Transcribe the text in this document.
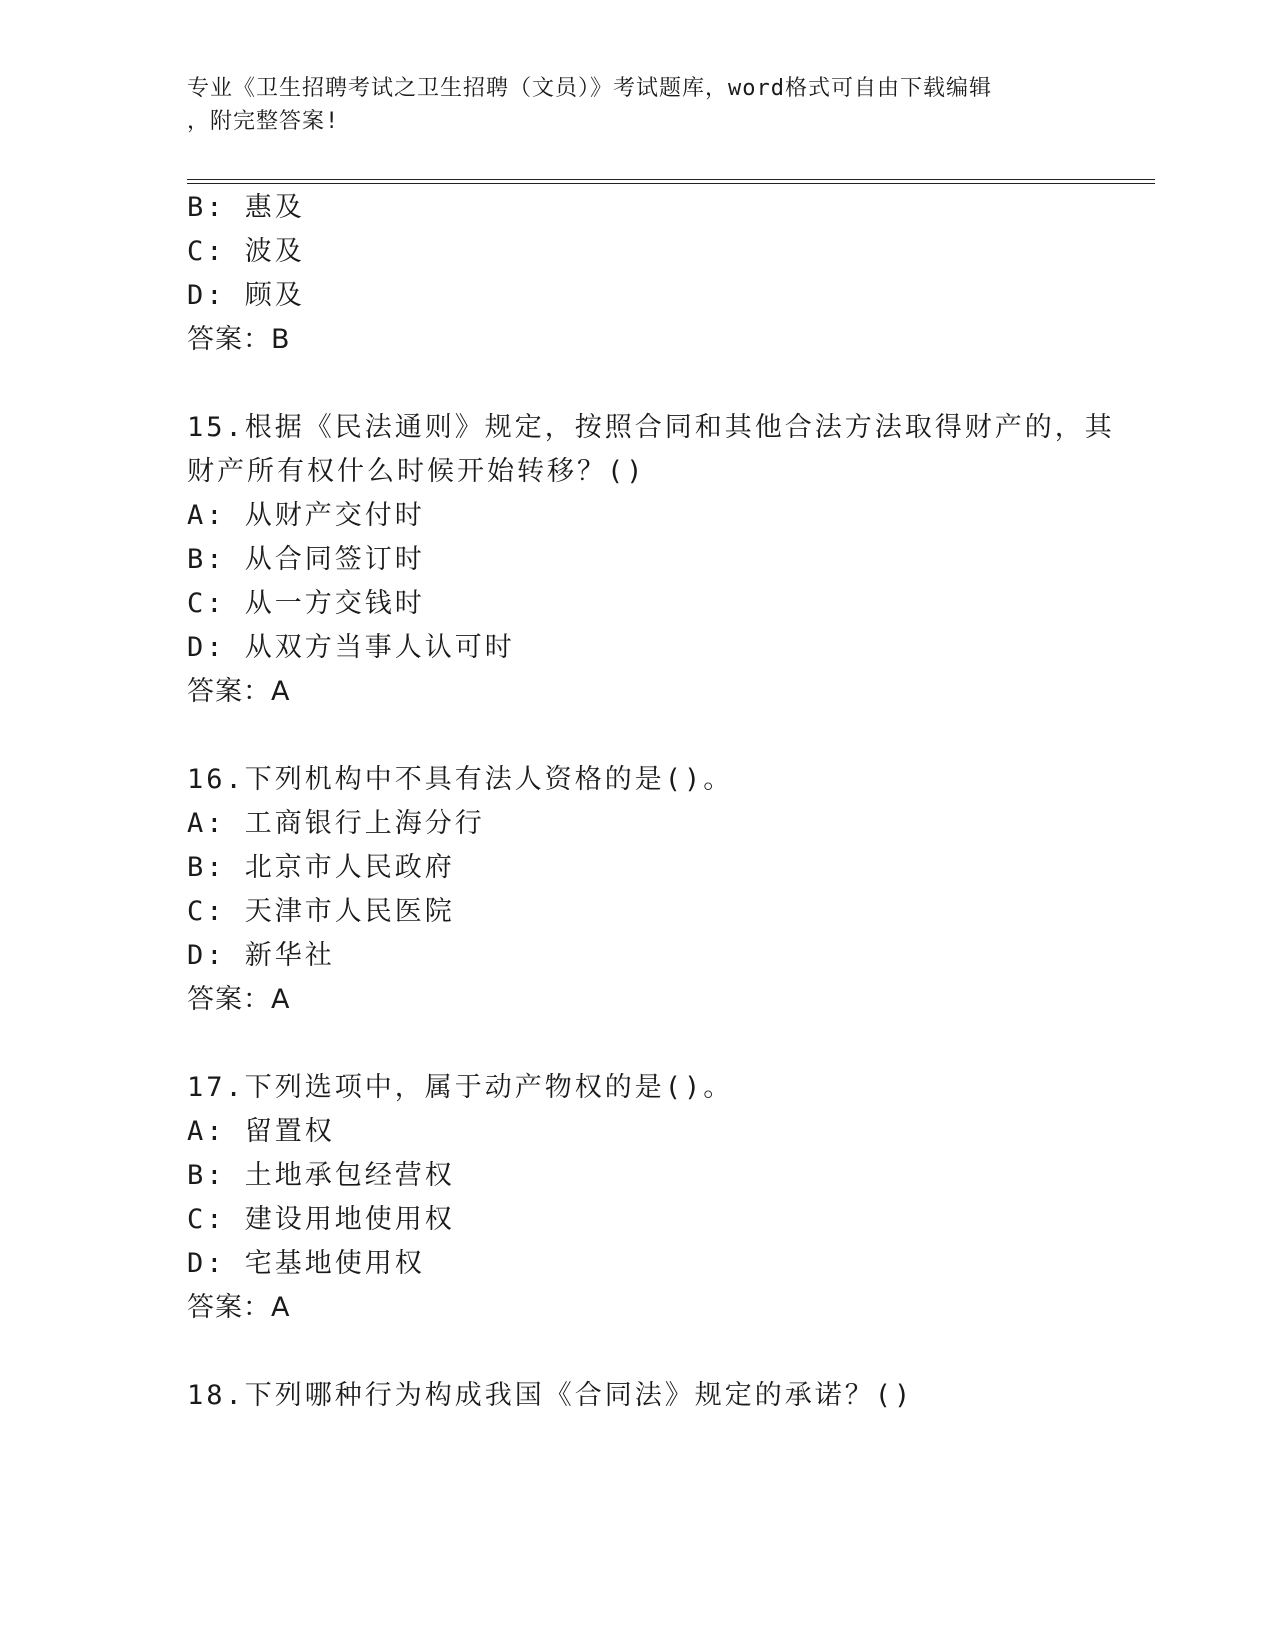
专业《卫生招聘考试之卫生招聘（文员）》考试题库，word格式可自由下载编辑
，附完整答案!
B: 惠及
C: 波及
D: 顾及
答案：B
15.根据《民法通则》规定，按照合同和其他合法方法取得财产的，其
财产所有权什么时候开始转移？()
A: 从财产交付时
B: 从合同签订时
C: 从一方交钱时
D: 从双方当事人认可时
答案：A
16.下列机构中不具有法人资格的是()。
A: 工商银行上海分行
B: 北京市人民政府
C: 天津市人民医院
D: 新华社
答案：A
17.下列选项中，属于动产物权的是()。
A: 留置权
B: 土地承包经营权
C: 建设用地使用权
D: 宅基地使用权
答案：A
18.下列哪种行为构成我国《合同法》规定的承诺？()
